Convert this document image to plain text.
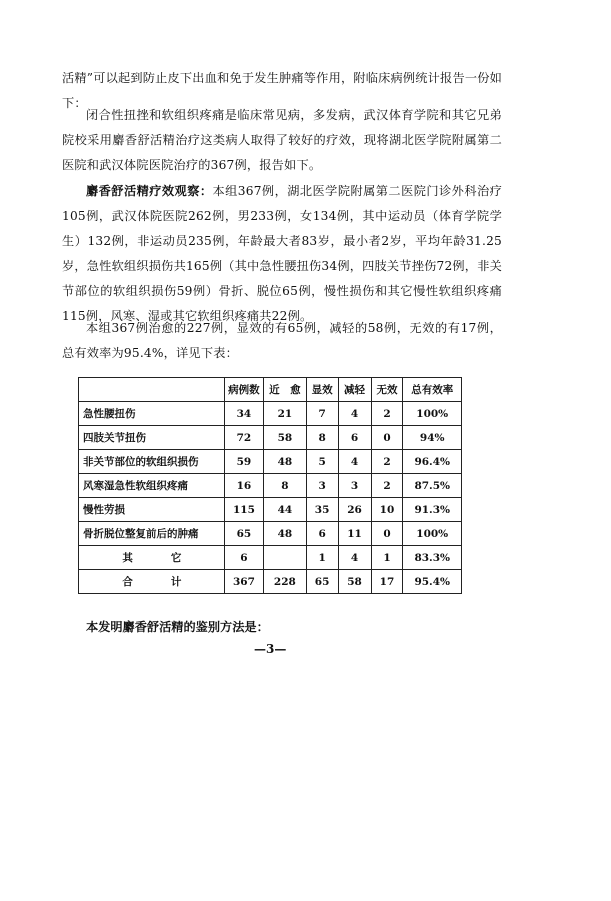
活精”可以起到防止皮下出血和免于发生肿痛等作用，附临床病例统计报告一份如下：

闭合性扭挫和软组织疼痛是临床常见病，多发病，武汉体育学院和其它兄弟院校采用麝香舒活精治疗这类病人取得了较好的疗效，现将湖北医学院附属第二医院和武汉体院医院治疗的367例，报告如下。

麝香舒活精疗效观察：本组367例，湖北医学院附属第二医院门诊外科治疗105例，武汉体院医院262例，男233例，女134例，其中运动员（体育学院学生）132例，非运动员235例，年龄最大者83岁，最小者2岁，平均年龄31.25岁，急性软组织损伤共165例（其中急性腰扭伤34例，四肢关节挫伤72例，非关节部位的软组织损伤59例）骨折、脱位65例，慢性损伤和其它慢性软组织疼痛115例，风寒、湿或其它软组织疼痛共22例。

本组367例治愈的227例，显效的有65例，减轻的58例，无效的有17例，总有效率为95.4%，详见下表：

	病例数	近　愈	显效	减轻	无效	总有效率
急性腰扭伤	34	21	7	4	2	100%
四肢关节扭伤	72	58	8	6	0	94%
非关节部位的软组织损伤	59	48	5	4	2	96.4%
风寒湿急性软组织疼痛	16	8	3	3	2	87.5%
慢性劳损	115	44	35	26	10	91.3%
骨折脱位整复前后的肿痛	65	48	6	11	0	100%
其它	6		1	4	1	83.3%
合计	367	228	65	58	17	95.4%

本发明麝香舒活精的鉴别方法是：

—3—
